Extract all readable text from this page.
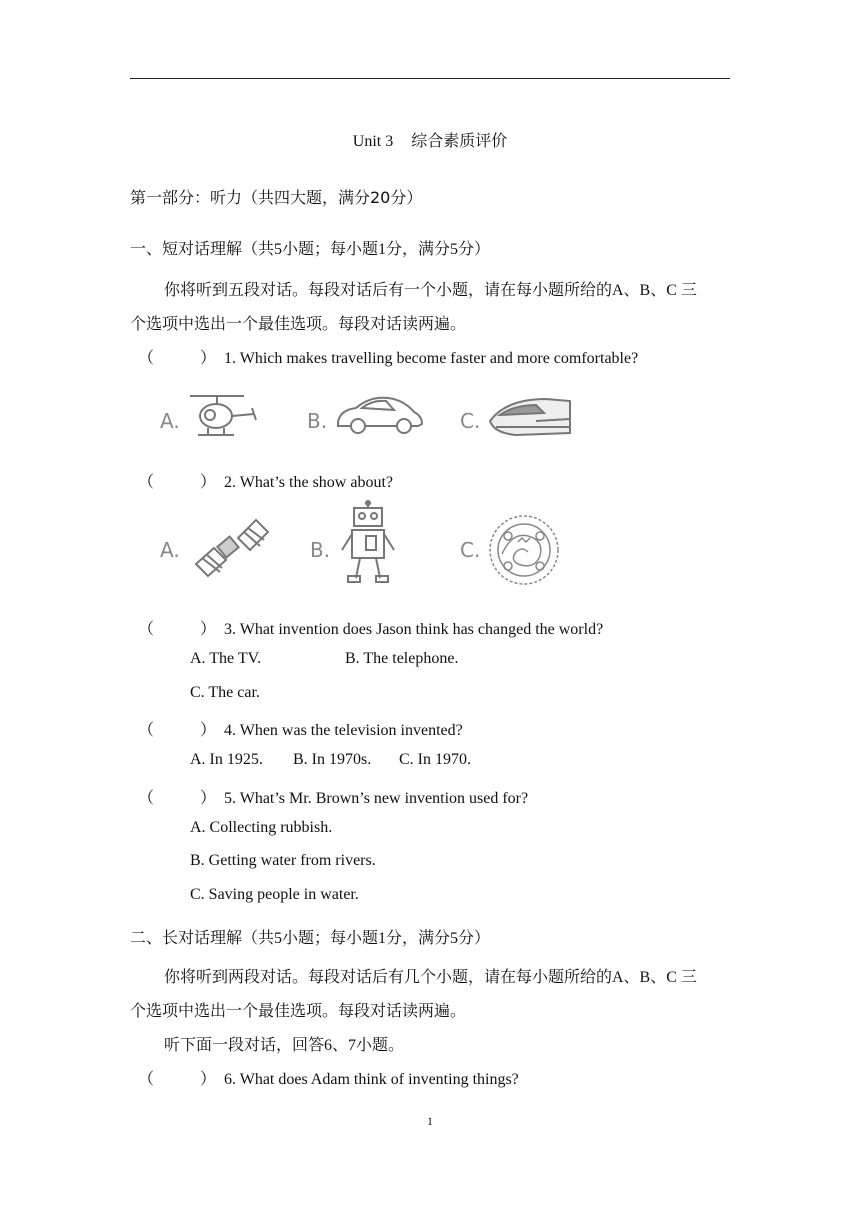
Unit 3 综合素质评价
第一部分：听力（共四大题，满分20分）
一、短对话理解（共5小题；每小题1分，满分5分）
你将听到五段对话。每段对话后有一个小题，请在每小题所给的A、B、C 三
个选项中选出一个最佳选项。每段对话读两遍。
（	） 1. Which makes travelling become faster and more comfortable?
A.	B.	C.
（	） 2. What’s the show about?
A.	B.	C.
（	） 3. What invention does Jason think has changed the world?
A. The TV.	B. The telephone.
C. The car.
（	） 4. When was the television invented?
A. In 1925. B. In 1970s. C. In 1970.
（	） 5. What’s Mr. Brown’s new invention used for?
A. Collecting rubbish.
B. Getting water from rivers.
C. Saving people in water.
二、长对话理解（共5小题；每小题1分，满分5分）
你将听到两段对话。每段对话后有几个小题，请在每小题所给的A、B、C 三
个选项中选出一个最佳选项。每段对话读两遍。
听下面一段对话，回答6、7小题。
（	） 6. What does Adam think of inventing things?
1
